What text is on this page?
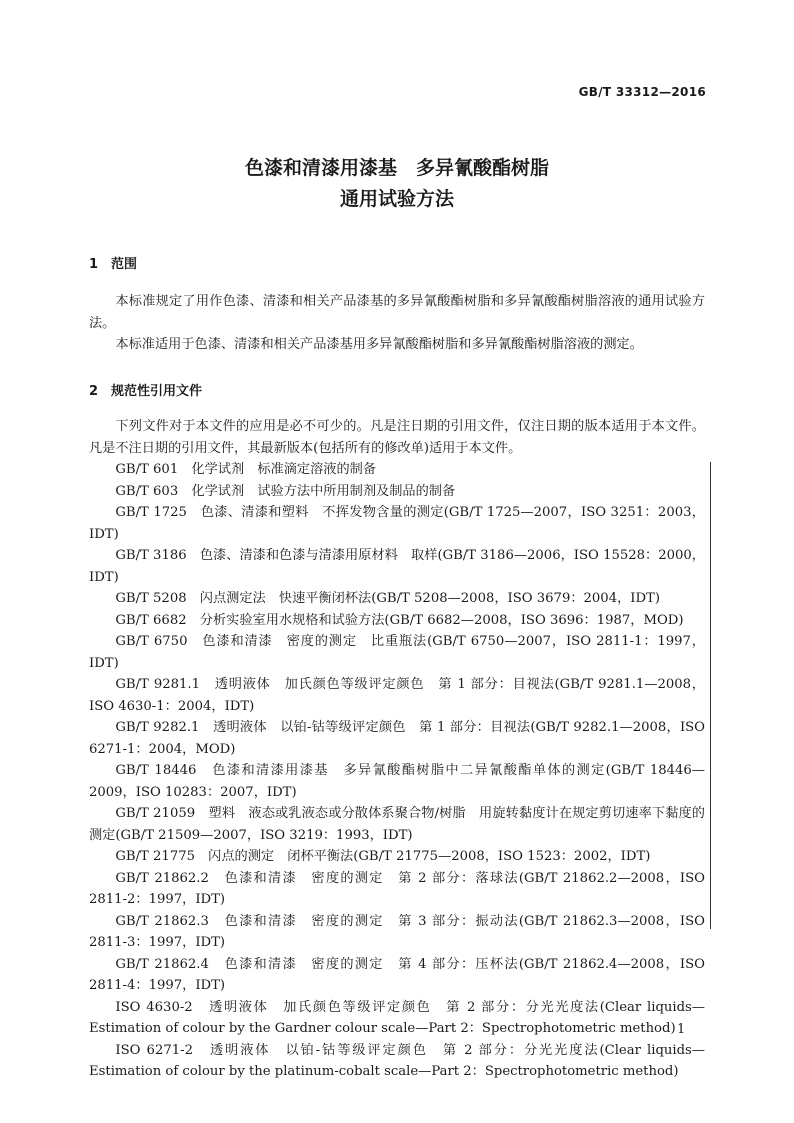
GB/T 33312—2016
色漆和清漆用漆基　多异氰酸酯树脂
通用试验方法
1　范围

本标准规定了用作色漆、清漆和相关产品漆基的多异氰酸酯树脂和多异氰酸酯树脂溶液的通用试验方法。

本标准适用于色漆、清漆和相关产品漆基用多异氰酸酯树脂和多异氰酸酯树脂溶液的测定。

2　规范性引用文件

下列文件对于本文件的应用是必不可少的。凡是注日期的引用文件，仅注日期的版本适用于本文件。凡是不注日期的引用文件，其最新版本(包括所有的修改单)适用于本文件。

GB/T 601　化学试剂　标准滴定溶液的制备

GB/T 603　化学试剂　试验方法中所用制剂及制品的制备

GB/T 1725　色漆、清漆和塑料　不挥发物含量的测定(GB/T 1725—2007，ISO 3251：2003，IDT)

GB/T 3186　色漆、清漆和色漆与清漆用原材料　取样(GB/T 3186—2006，ISO 15528：2000，IDT)

GB/T 5208　闪点测定法　快速平衡闭杯法(GB/T 5208—2008，ISO 3679：2004，IDT)

GB/T 6682　分析实验室用水规格和试验方法(GB/T 6682—2008，ISO 3696：1987，MOD)

GB/T 6750　色漆和清漆　密度的测定　比重瓶法(GB/T 6750—2007，ISO 2811-1：1997，IDT)

GB/T 9281.1　透明液体　加氏颜色等级评定颜色　第 1 部分：目视法(GB/T 9281.1—2008，ISO 4630-1：2004，IDT)

GB/T 9282.1　透明液体　以铂-钴等级评定颜色　第 1 部分：目视法(GB/T 9282.1—2008，ISO 6271-1：2004，MOD)

GB/T 18446　色漆和清漆用漆基　多异氰酸酯树脂中二异氰酸酯单体的测定(GB/T 18446—2009，ISO 10283：2007，IDT)

GB/T 21059　塑料　液态或乳液态或分散体系聚合物/树脂　用旋转黏度计在规定剪切速率下黏度的测定(GB/T 21509—2007，ISO 3219：1993，IDT)

GB/T 21775　闪点的测定　闭杯平衡法(GB/T 21775—2008，ISO 1523：2002，IDT)

GB/T 21862.2　色漆和清漆　密度的测定　第 2 部分：落球法(GB/T 21862.2—2008，ISO 2811-2：1997，IDT)

GB/T 21862.3　色漆和清漆　密度的测定　第 3 部分：振动法(GB/T 21862.3—2008，ISO 2811-3：1997，IDT)

GB/T 21862.4　色漆和清漆　密度的测定　第 4 部分：压杯法(GB/T 21862.4—2008，ISO 2811-4：1997，IDT)

ISO 4630-2　透明液体　加氏颜色等级评定颜色　第 2 部分：分光光度法(Clear liquids—Estimation of colour by the Gardner colour scale—Part 2：Spectrophotometric method)

ISO 6271-2　透明液体　以铂-钴等级评定颜色　第 2 部分：分光光度法(Clear liquids—Estimation of colour by the platinum-cobalt scale—Part 2：Spectrophotometric method)

1
